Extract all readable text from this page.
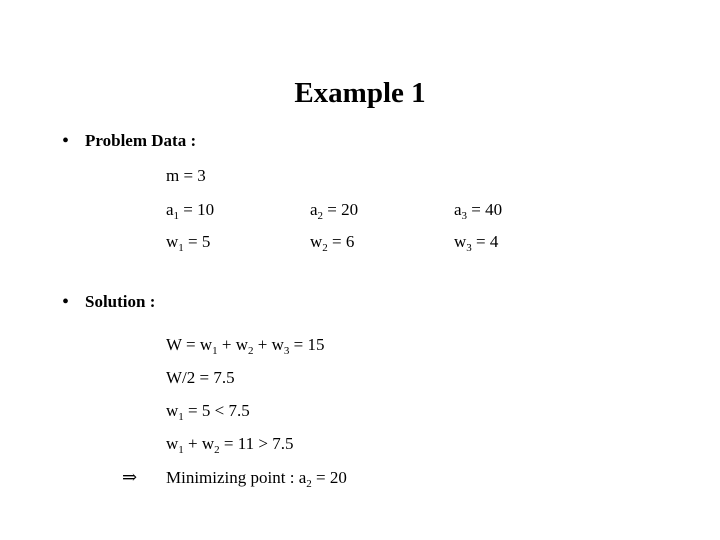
Example 1
• Problem Data :
m = 3
$a_1 = 10$	$a_2 = 20$	$a_3 = 40$
$w_1 = 5$	$w_2 = 6$	$w_3 = 4$
• Solution :
$W = w_1 + w_2 + w_3 = 15$
W/2 = 7.5
$w_1 = 5 < 7.5$
$w_1 + w_2 = 11 > 7.5$
⇒ Minimizing point : $a_2 = 20$
